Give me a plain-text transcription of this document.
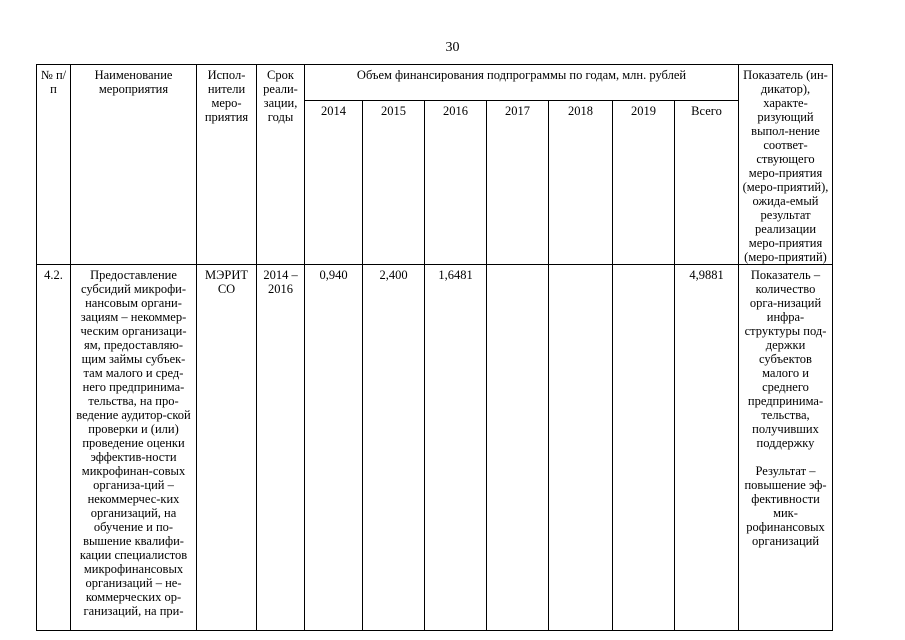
30
№ п/п	Наименование мероприятия	Испол-нители меро-приятия	Срок реали-зации, годы	Объем финансирования подпрограммы по годам, млн. рублей							Показатель (ин-дикатор), характе-ризующий выпол-нение соответ-ствующего меро-приятия (меро-приятий), ожида-емый результат реализации меро-приятия (меро-приятий)
				2014	2015	2016	2017	2018	2019	Всего	
4.2.	Предоставление субсидий микрофи-нансовым органи-зациям – некоммер-ческим организаци-ям, предоставляю-щим займы субъек-там малого и сред-него предпринима-тельства, на про-ведение аудитор-ской проверки и (или) проведение оценки эффектив-ности микрофинан-совых организа-ций – некоммерчес-ких организаций, на обучение и по-вышение квалифи-кации специалистов микрофинансовых организаций – не-коммерческих ор-ганизаций, на при-	МЭРИТ СО	2014 – 2016	0,940	2,400	1,6481				4,9881	Показатель – количество орга-низаций инфра-структуры под-держки субъектов малого и среднего предпринима-тельства, получивших поддержку
Результат – повышение эф-фективности мик-рофинансовых организаций
